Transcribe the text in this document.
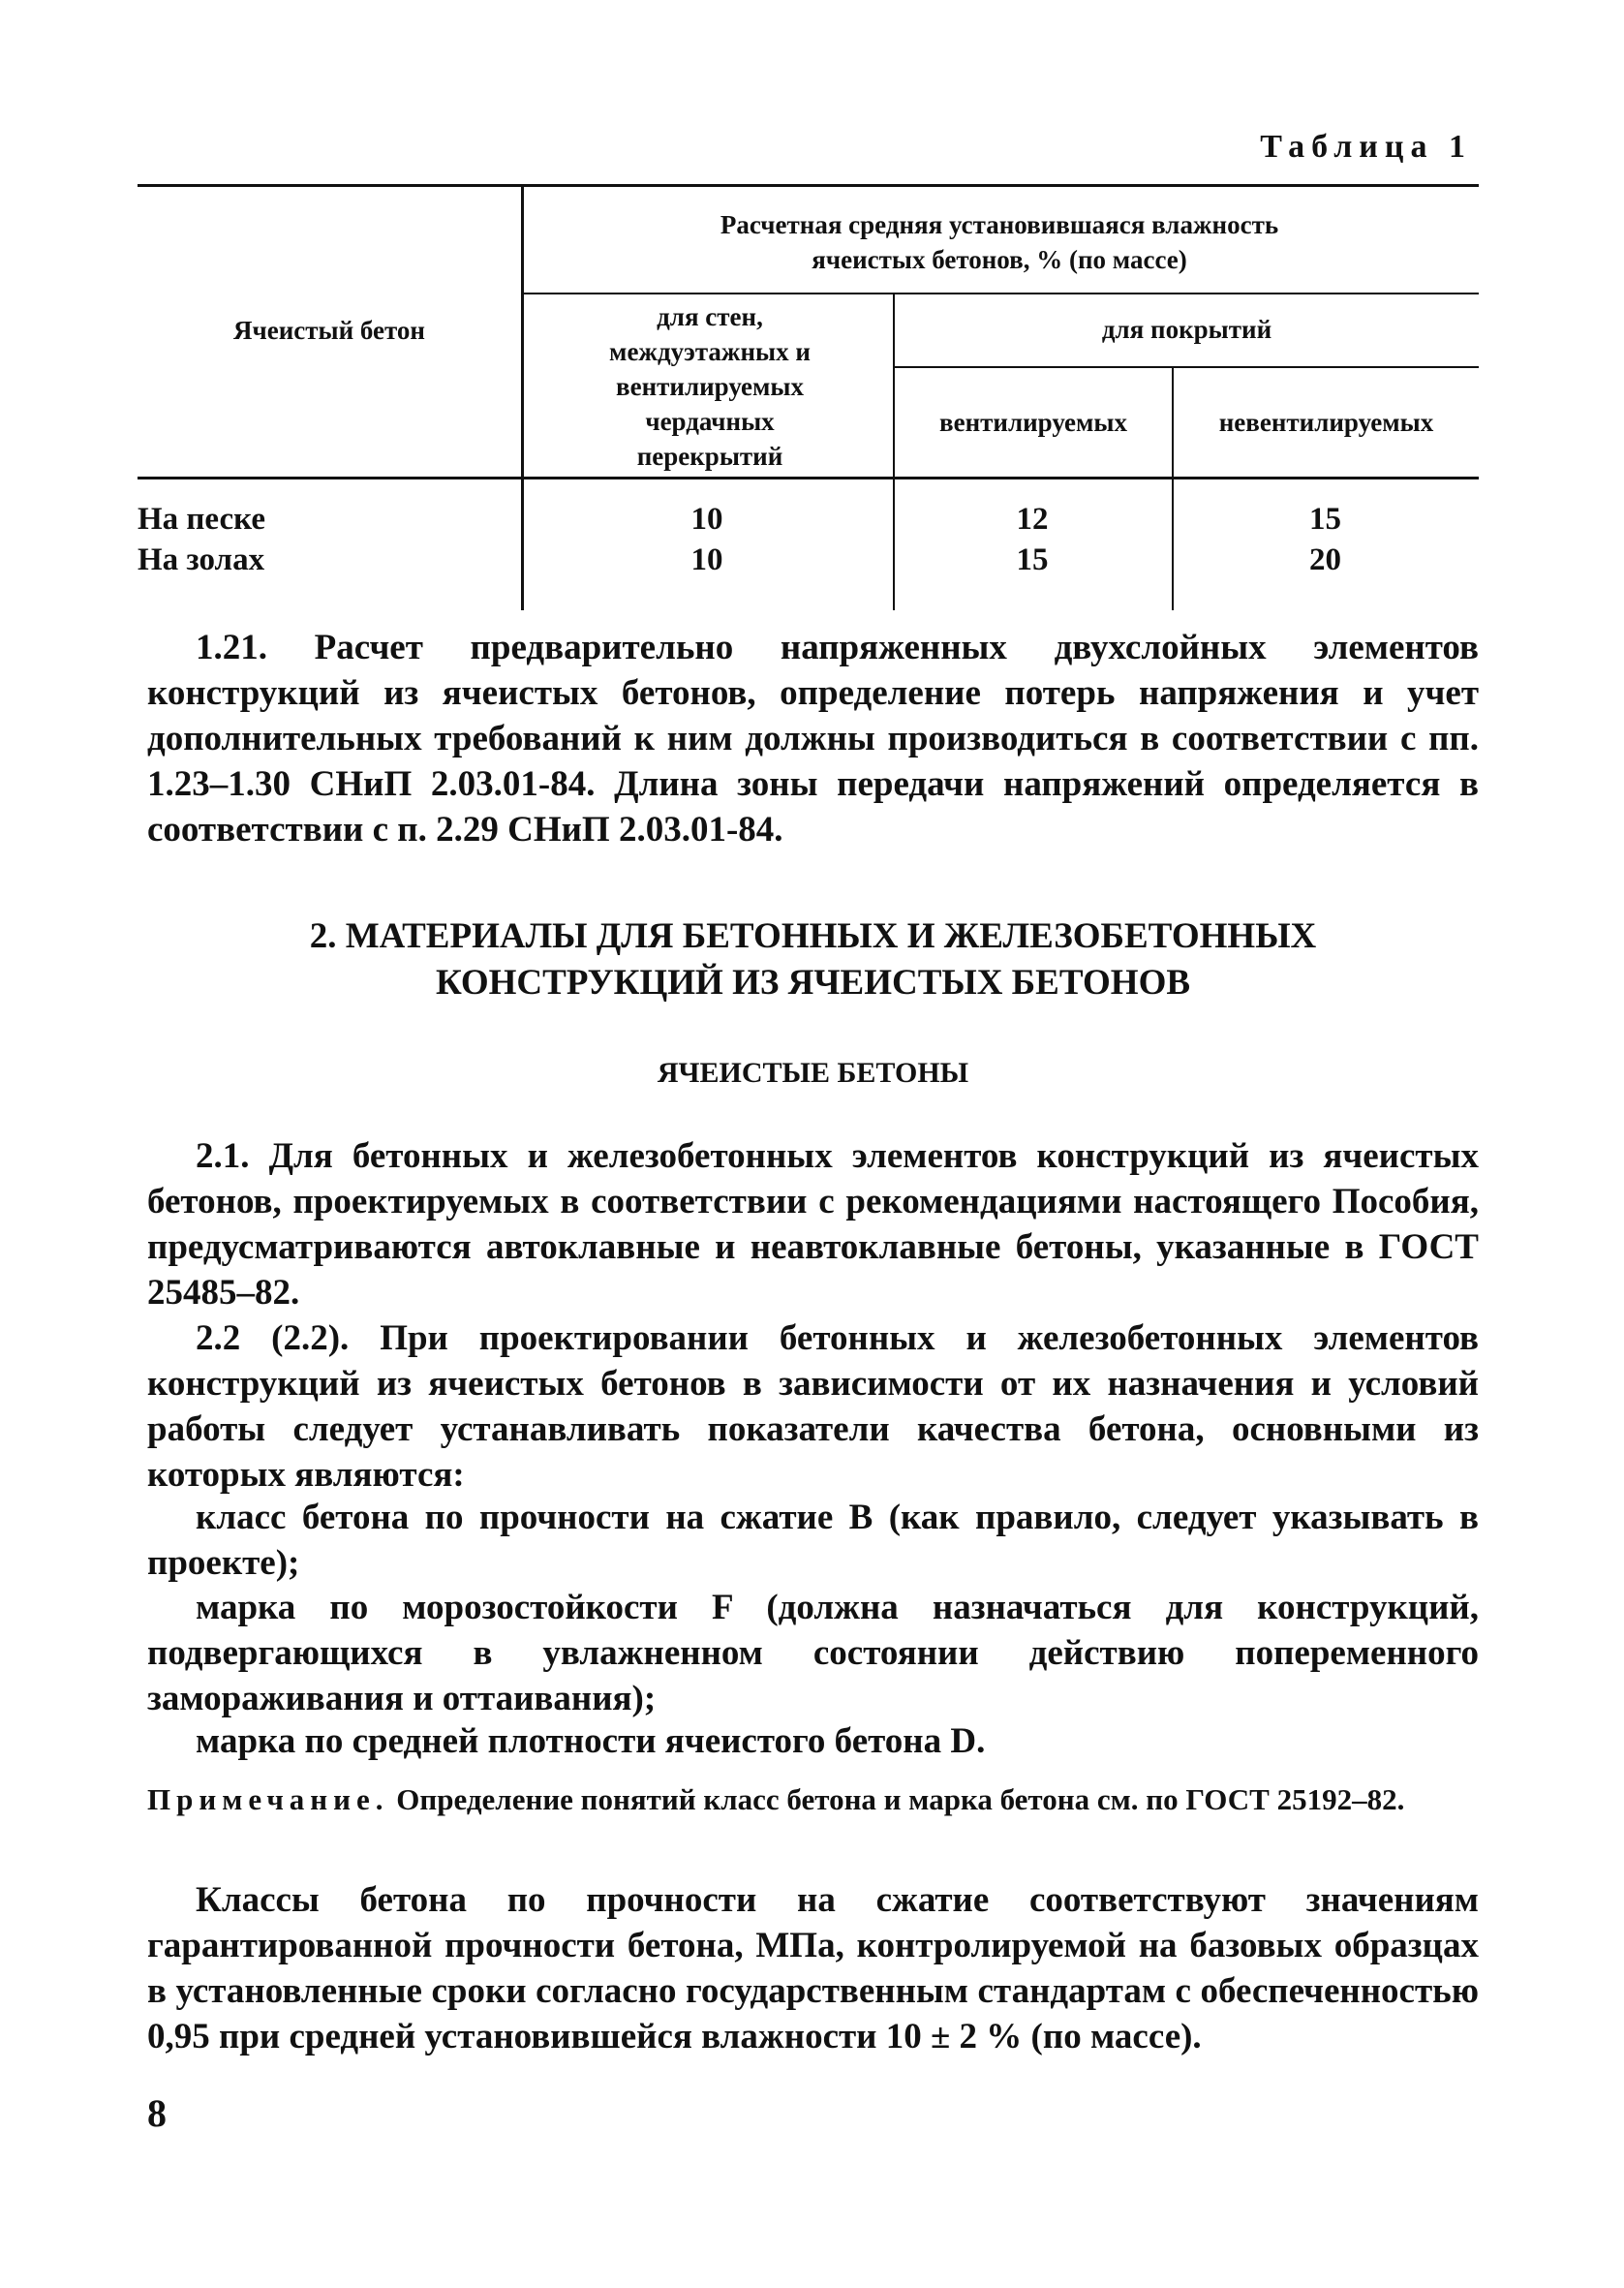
Таблица 1
Ячеистый бетон
Расчетная средняя установившаяся влажность ячеистых бетонов, % (по массе)
для стен, междуэтажных и вентилируемых чердачных перекрытий
для покрытий
вентилируемых	невентилируемых
На песке	10	12	15
На золах	10	15	20
1.21. Расчет предварительно напряженных двухслойных элементов конструкций из ячеистых бетонов, определение потерь напряжения и учет дополнительных требований к ним должны производиться в соответствии с пп. 1.23–1.30 СНиП 2.03.01-84. Длина зоны передачи напряжений определяется в соответствии с п. 2.29 СНиП 2.03.01-84.
2. МАТЕРИАЛЫ ДЛЯ БЕТОННЫХ И ЖЕЛЕЗОБЕТОННЫХ
КОНСТРУКЦИЙ ИЗ ЯЧЕИСТЫХ БЕТОНОВ
ЯЧЕИСТЫЕ БЕТОНЫ
2.1. Для бетонных и железобетонных элементов конструкций из ячеистых бетонов, проектируемых в соответствии с рекомендациями настоящего Пособия, предусматриваются автоклавные и неавтоклавные бетоны, указанные в ГОСТ 25485–82.
2.2 (2.2). При проектировании бетонных и железобетонных элементов конструкций из ячеистых бетонов в зависимости от их назначения и условий работы следует устанавливать показатели качества бетона, основными из которых являются:
класс бетона по прочности на сжатие B (как правило, следует указывать в проекте);
марка по морозостойкости F (должна назначаться для конструкций, подвергающихся в увлажненном состоянии действию попеременного замораживания и оттаивания);
марка по средней плотности ячеистого бетона D.
Примечание. Определение понятий класс бетона и марка бетона см. по ГОСТ 25192–82.
Классы бетона по прочности на сжатие соответствуют значениям гарантированной прочности бетона, МПа, контролируемой на базовых образцах в установленные сроки согласно государственным стандартам с обеспеченностью 0,95 при средней установившейся влажности 10 ± 2 % (по массе).
8
